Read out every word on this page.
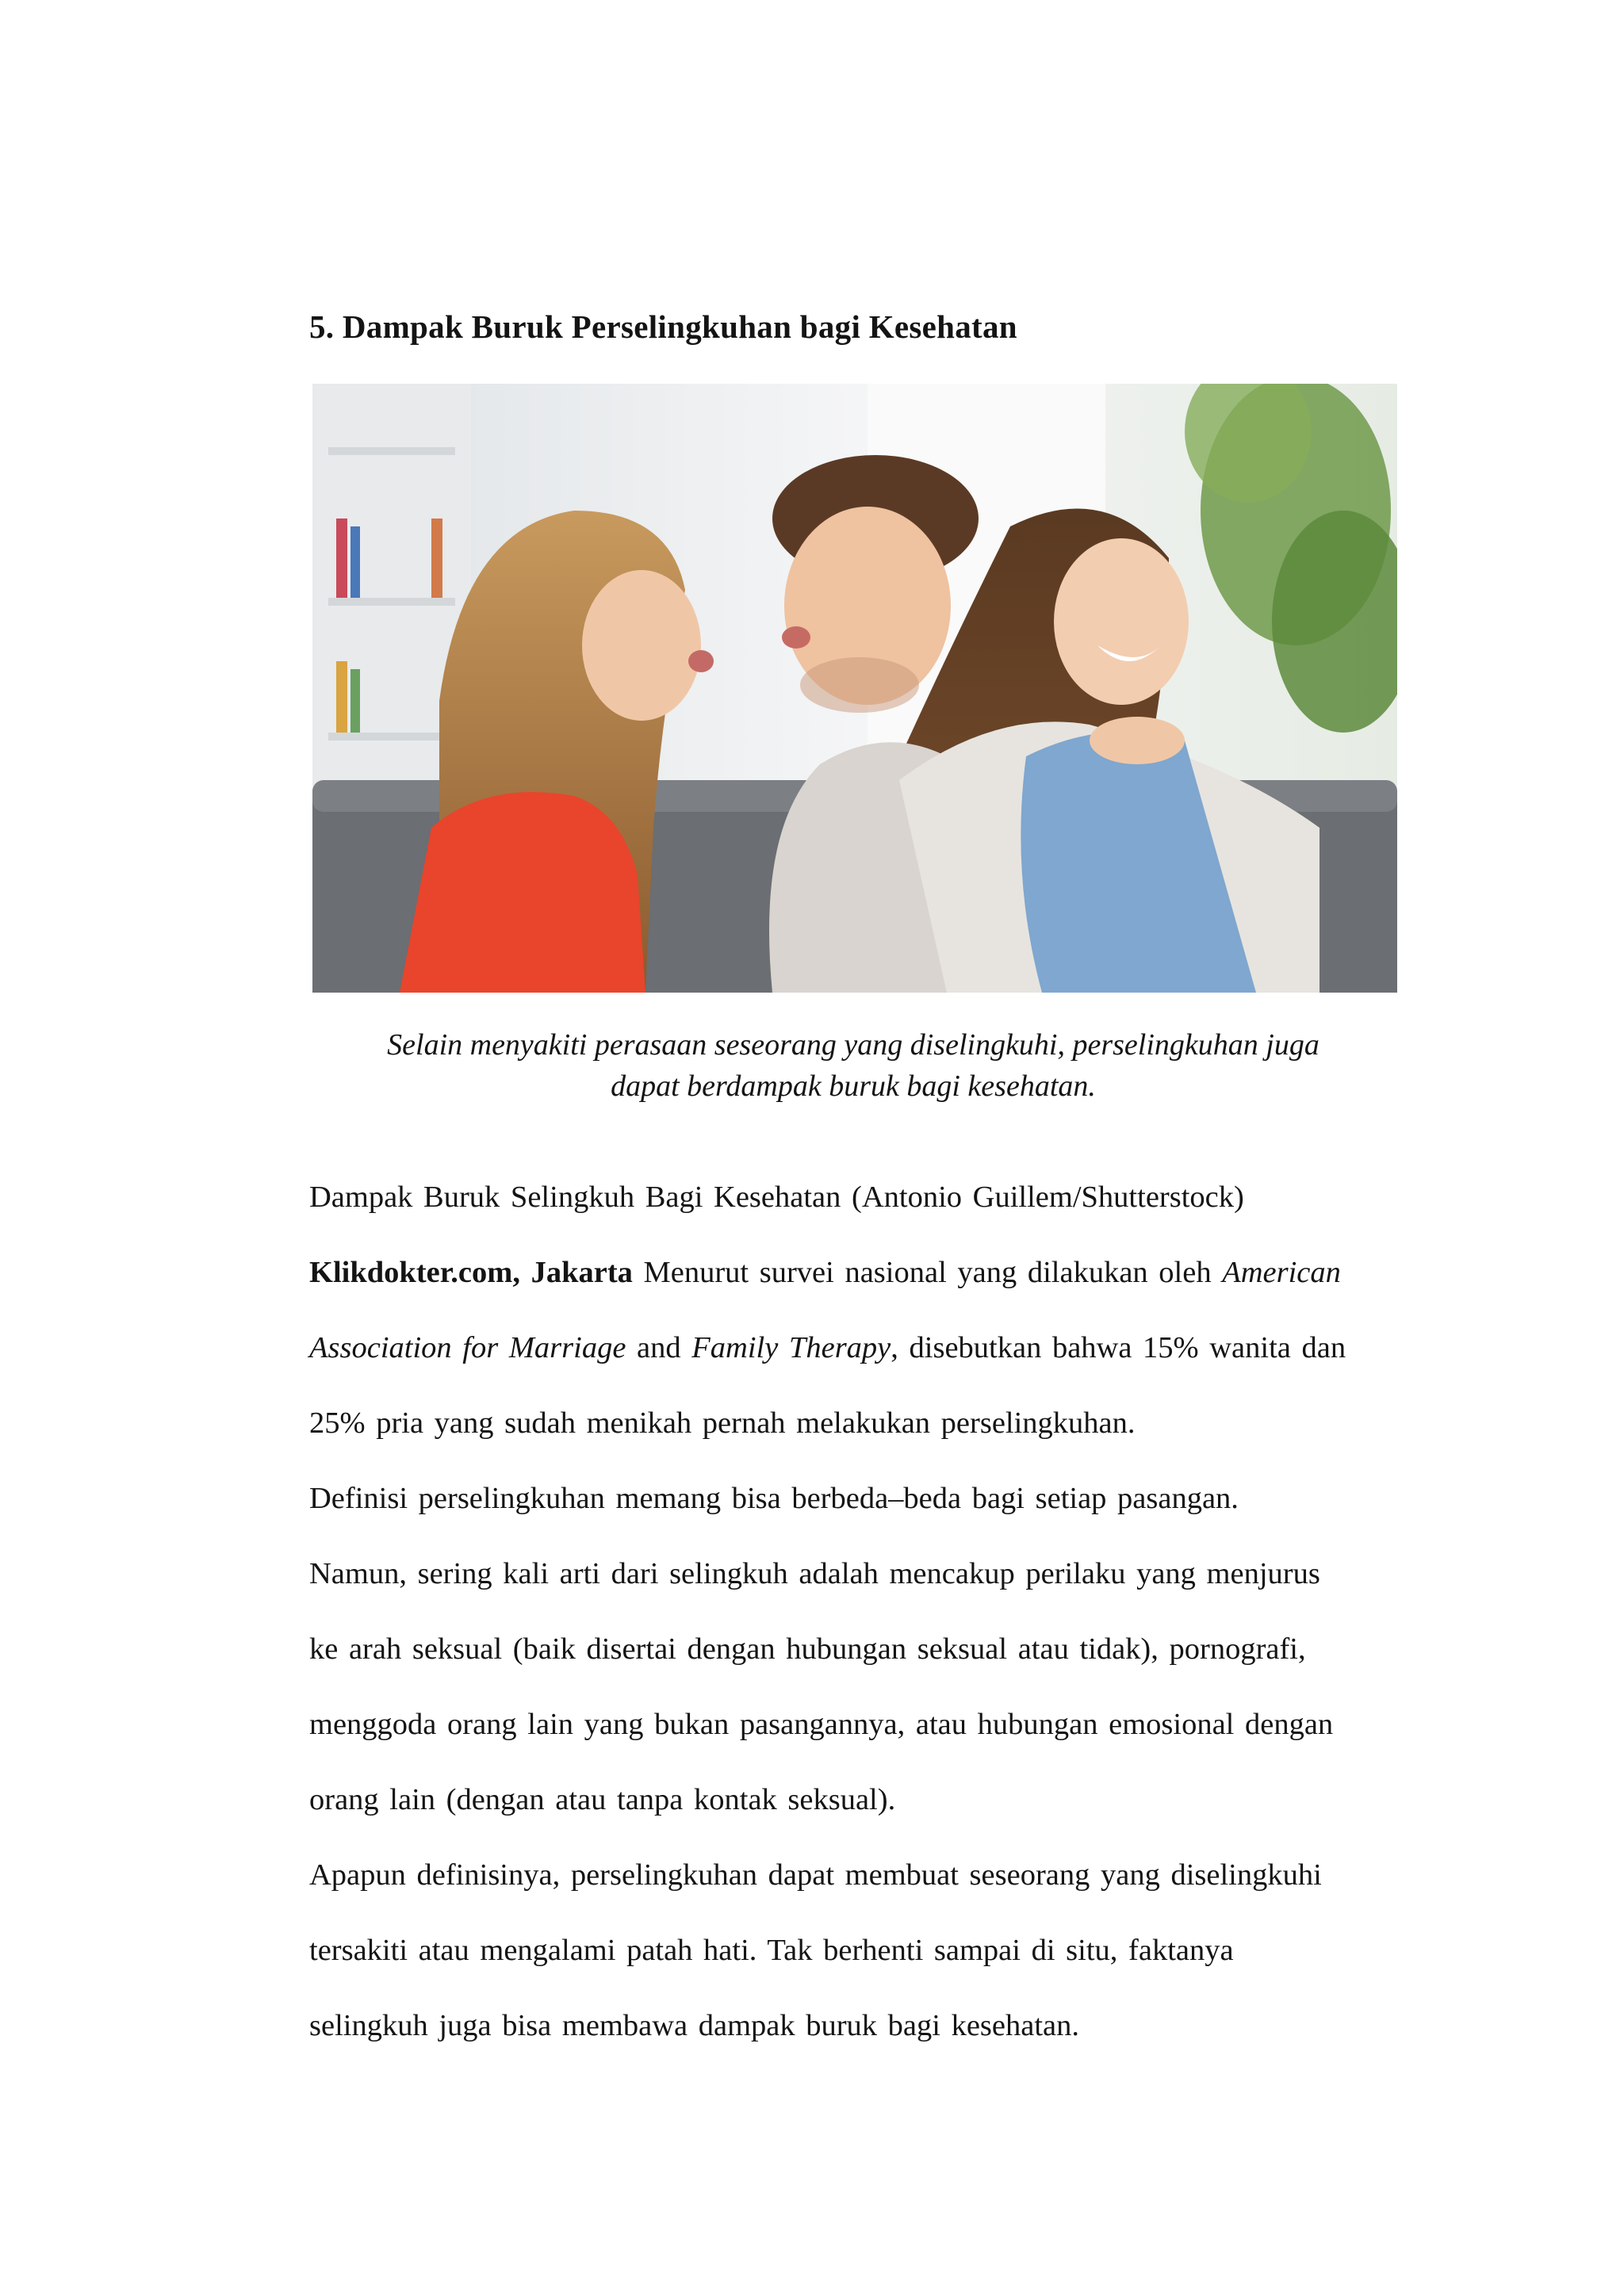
5. Dampak Buruk Perselingkuhan bagi Kesehatan
Selain menyakiti perasaan seseorang yang diselingkuhi, perselingkuhan juga
dapat berdampak buruk bagi kesehatan.
Dampak Buruk Selingkuh Bagi Kesehatan (Antonio Guillem/Shutterstock)
Klikdokter.com, Jakarta Menurut survei nasional yang dilakukan oleh American
Association for Marriage and Family Therapy, disebutkan bahwa 15% wanita dan
25% pria yang sudah menikah pernah melakukan perselingkuhan.
Definisi perselingkuhan memang bisa berbeda–beda bagi setiap pasangan.
Namun, sering kali arti dari selingkuh adalah mencakup perilaku yang menjurus
ke arah seksual (baik disertai dengan hubungan seksual atau tidak), pornografi,
menggoda orang lain yang bukan pasangannya, atau hubungan emosional dengan
orang lain (dengan atau tanpa kontak seksual).
Apapun definisinya, perselingkuhan dapat membuat seseorang yang diselingkuhi
tersakiti atau mengalami patah hati. Tak berhenti sampai di situ, faktanya
selingkuh juga bisa membawa dampak buruk bagi kesehatan.
